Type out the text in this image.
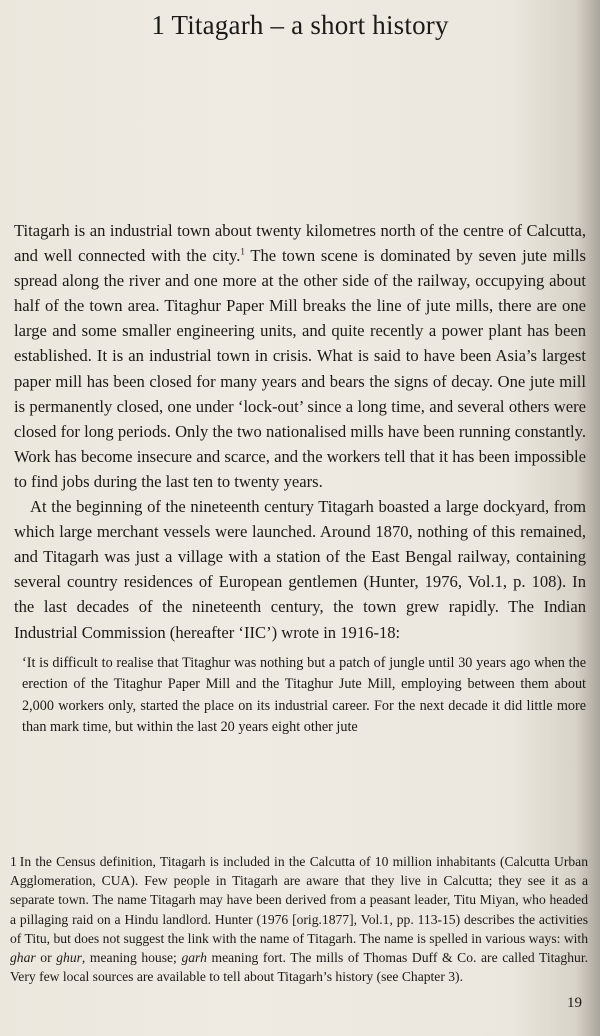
1 Titagarh – a short history

Titagarh is an industrial town about twenty kilometres north of the centre of Calcutta, and well connected with the city.$^1$ The town scene is dominated by seven jute mills spread along the river and one more at the other side of the railway, occupying about half of the town area. Titaghur Paper Mill breaks the line of jute mills, there are one large and some smaller engineering units, and quite recently a power plant has been established. It is an industrial town in crisis. What is said to have been Asia’s largest paper mill has been closed for many years and bears the signs of decay. One jute mill is permanently closed, one under ‘lock-out’ since a long time, and several others were closed for long periods. Only the two nationalised mills have been running constantly. Work has become insecure and scarce, and the workers tell that it has been impossible to find jobs during the last ten to twenty years.

At the beginning of the nineteenth century Titagarh boasted a large dockyard, from which large merchant vessels were launched. Around 1870, nothing of this remained, and Titagarh was just a village with a station of the East Bengal railway, containing several country residences of European gentlemen (Hunter, 1976, Vol.1, p. 108). In the last decades of the nineteenth century, the town grew rapidly. The Indian Industrial Commission (hereafter ‘IIC’) wrote in 1916-18:

‘It is difficult to realise that Titaghur was nothing but a patch of jungle until 30 years ago when the erection of the Titaghur Paper Mill and the Titaghur Jute Mill, employing between them about 2,000 workers only, started the place on its industrial career. For the next decade it did little more than mark time, but within the last 20 years eight other jute

1 In the Census definition, Titagarh is included in the Calcutta of 10 million inhabitants (Calcutta Urban Agglomeration, CUA). Few people in Titagarh are aware that they live in Calcutta; they see it as a separate town. The name Titagarh may have been derived from a peasant leader, Titu Miyan, who headed a pillaging raid on a Hindu landlord. Hunter (1976 [orig.1877], Vol.1, pp. 113-15) describes the activities of Titu, but does not suggest the link with the name of Titagarh. The name is spelled in various ways: with ghar or ghur, meaning house; garh meaning fort. The mills of Thomas Duff & Co. are called Titaghur. Very few local sources are available to tell about Titagarh’s history (see Chapter 3).

19
